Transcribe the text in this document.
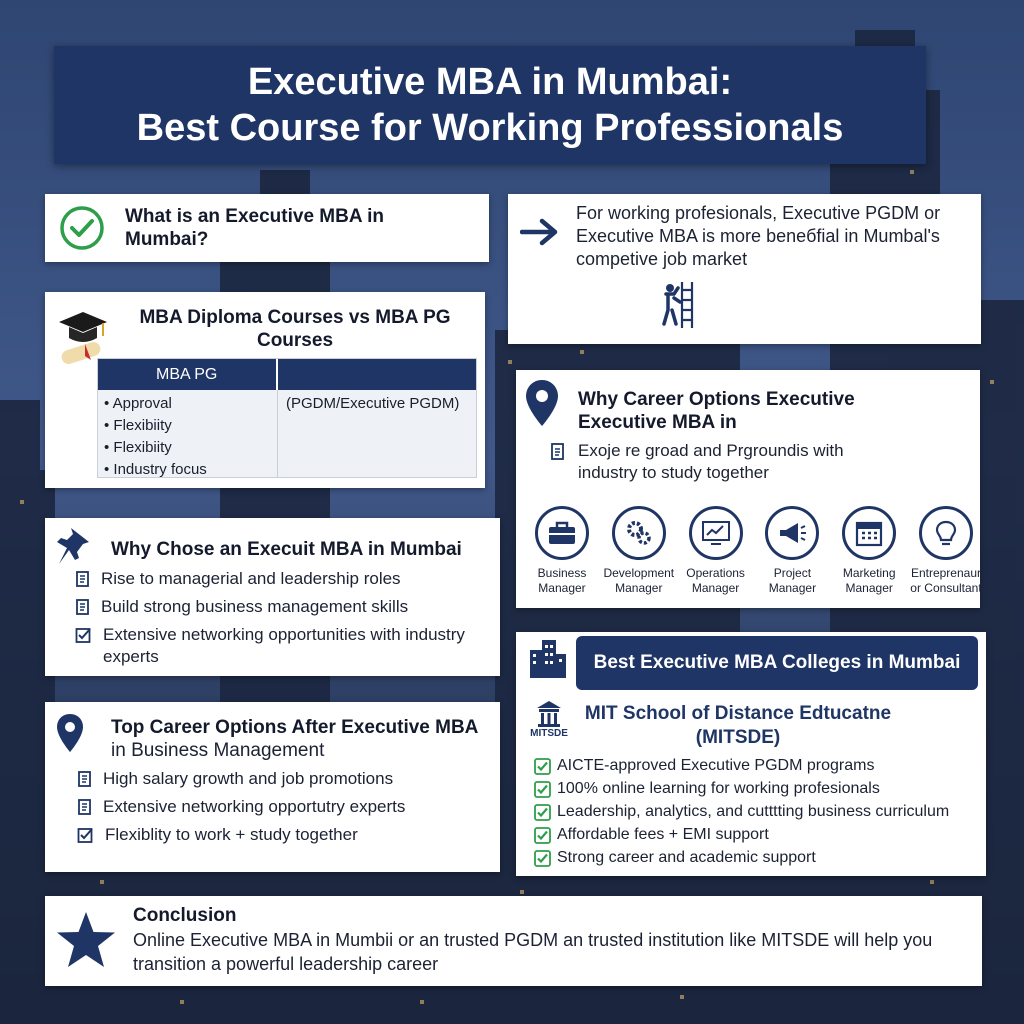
Executive MBA in Mumbai:
Best Course for Working Professionals
What is an Executive MBA in Mumbai?
For working profesionals, Executive PGDM or Executive MBA is more beneбfial in Mumbal's competive job market
MBA Diploma Courses vs MBA PG Courses
MBA PG
• Approval
• Flexibiity
• Flexibiity
• Industry focus
(PGDM/Executive PGDM)	Why Career Options Executive Executive MBA in
Exoje re groad and Prgroundis with industry to study together
Business
Manager
Development
Manager
Operations
Manager
Project
Manager
Marketing
Manager
Entreprenaur
or Consultant
Why Chose an Execuit MBA in Mumbai
Rise to managerial and leadership roles
Build strong business management skills
Extensive networking opportunities with industry experts	Best Executive MBA Colleges in Mumbai
MITSDE
MIT School of Distance Edtucatne (MITSDE)
AICTE-approved Executive PGDM programs
100% online learning for working profesionals
Leadership, analytics, and cutttting business curriculum
Affordable fees + EMI support
Strong career and academic support
Top Career Options After Executive MBA
in Business Management
High salary growth and job promotions
Extensive networking opportutry experts
Flexiblity to work + study together
Conclusion
Online Executive MBA in Mumbii or an trusted PGDM an trusted institution like MITSDE will help you transition a powerful leadership career
